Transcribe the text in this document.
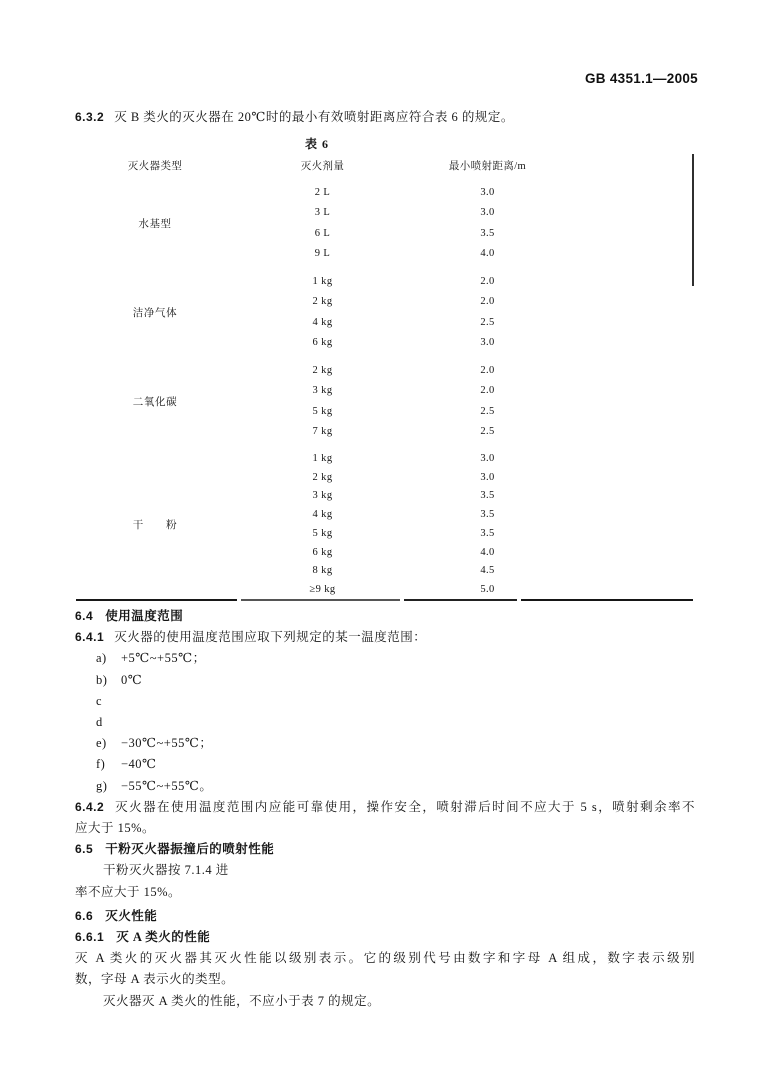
GB 4351.1—2005
6.3.2 灭 B 类火的灭火器在 20℃时的最小有效喷射距离应符合表 6 的规定。
表 6
灭火器类型	灭火剂量	最小喷射距离/m
水基型
2 L	3.0
3 L	3.0
6 L	3.5
9 L	4.0
洁净气体
1 kg	2.0
2 kg	2.0
4 kg	2.5
6 kg	3.0
二氧化碳
2 kg	2.0
3 kg	2.0
5 kg	2.5
7 kg	2.5
干　　粉
1 kg	3.0
2 kg	3.0
3 kg	3.5
4 kg	3.5
5 kg	3.5
6 kg	4.0
8 kg	4.5
≥9 kg	5.0
6.4 使用温度范围
6.4.1 灭火器的使用温度范围应取下列规定的某一温度范围：
a) +5℃~+55℃；
b) 0℃
c
d
e) −30℃~+55℃；
f) −40℃
g) −55℃~+55℃。
6.4.2 灭火器在使用温度范围内应能可靠使用，操作安全，喷射滞后时间不应大于 5 s，喷射剩余率不
应大于 15%。
6.5 干粉灭火器振撞后的喷射性能
干粉灭火器按 7.1.4 进
率不应大于 15%。
6.6 灭火性能
6.6.1 灭 A 类火的性能
灭 A 类火的灭火器其灭火性能以级别表示。它的级别代号由数字和字母 A 组成，数字表示级别
数，字母 A 表示火的类型。
灭火器灭 A 类火的性能，不应小于表 7 的规定。
